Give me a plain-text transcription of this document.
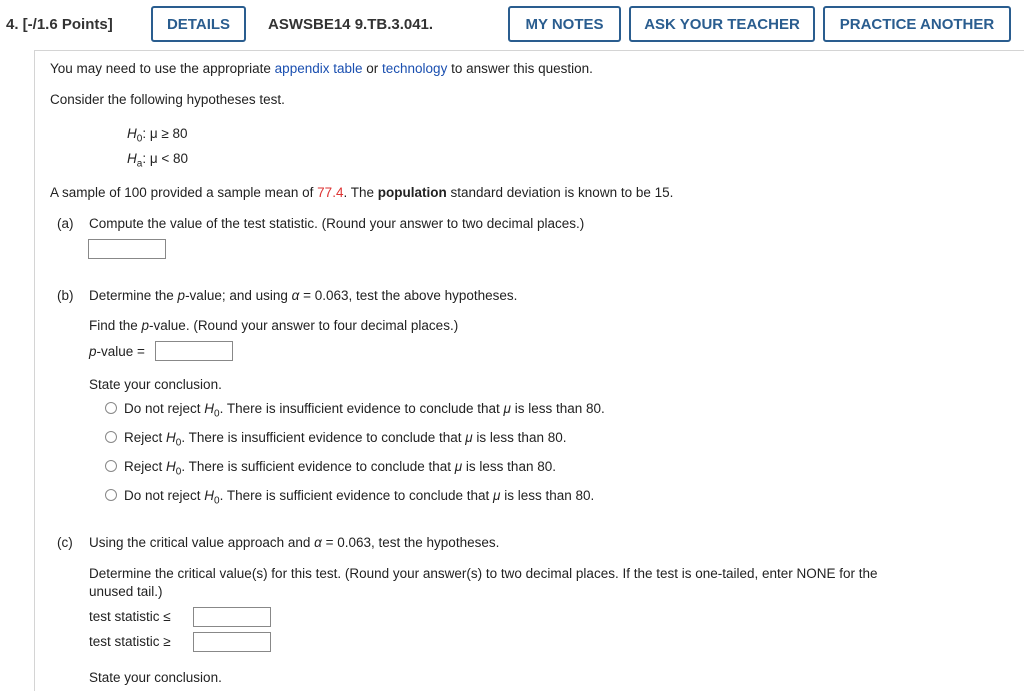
4. [-/1.6 Points]	DETAILS	ASWSBE14 9.TB.3.041.	MY NOTES	ASK YOUR TEACHER	PRACTICE ANOTHER
You may need to use the appropriate appendix table or technology to answer this question.
Consider the following hypotheses test.
$H_0$: μ ≥ 80
$H_a$: μ < 80
A sample of 100 provided a sample mean of 77.4. The population standard deviation is known to be 15.
(a) Compute the value of the test statistic. (Round your answer to two decimal places.)
(b) Determine the p-value; and using α = 0.063, test the above hypotheses.
Find the p-value. (Round your answer to four decimal places.)
p-value =
State your conclusion.
Do not reject $H_0$. There is insufficient evidence to conclude that μ is less than 80.
Reject $H_0$. There is insufficient evidence to conclude that μ is less than 80.
Reject $H_0$. There is sufficient evidence to conclude that μ is less than 80.
Do not reject $H_0$. There is sufficient evidence to conclude that μ is less than 80.
(c) Using the critical value approach and α = 0.063, test the hypotheses.
Determine the critical value(s) for this test. (Round your answer(s) to two decimal places. If the test is one-tailed, enter NONE for the
unused tail.)
test statistic ≤
test statistic ≥
State your conclusion.
